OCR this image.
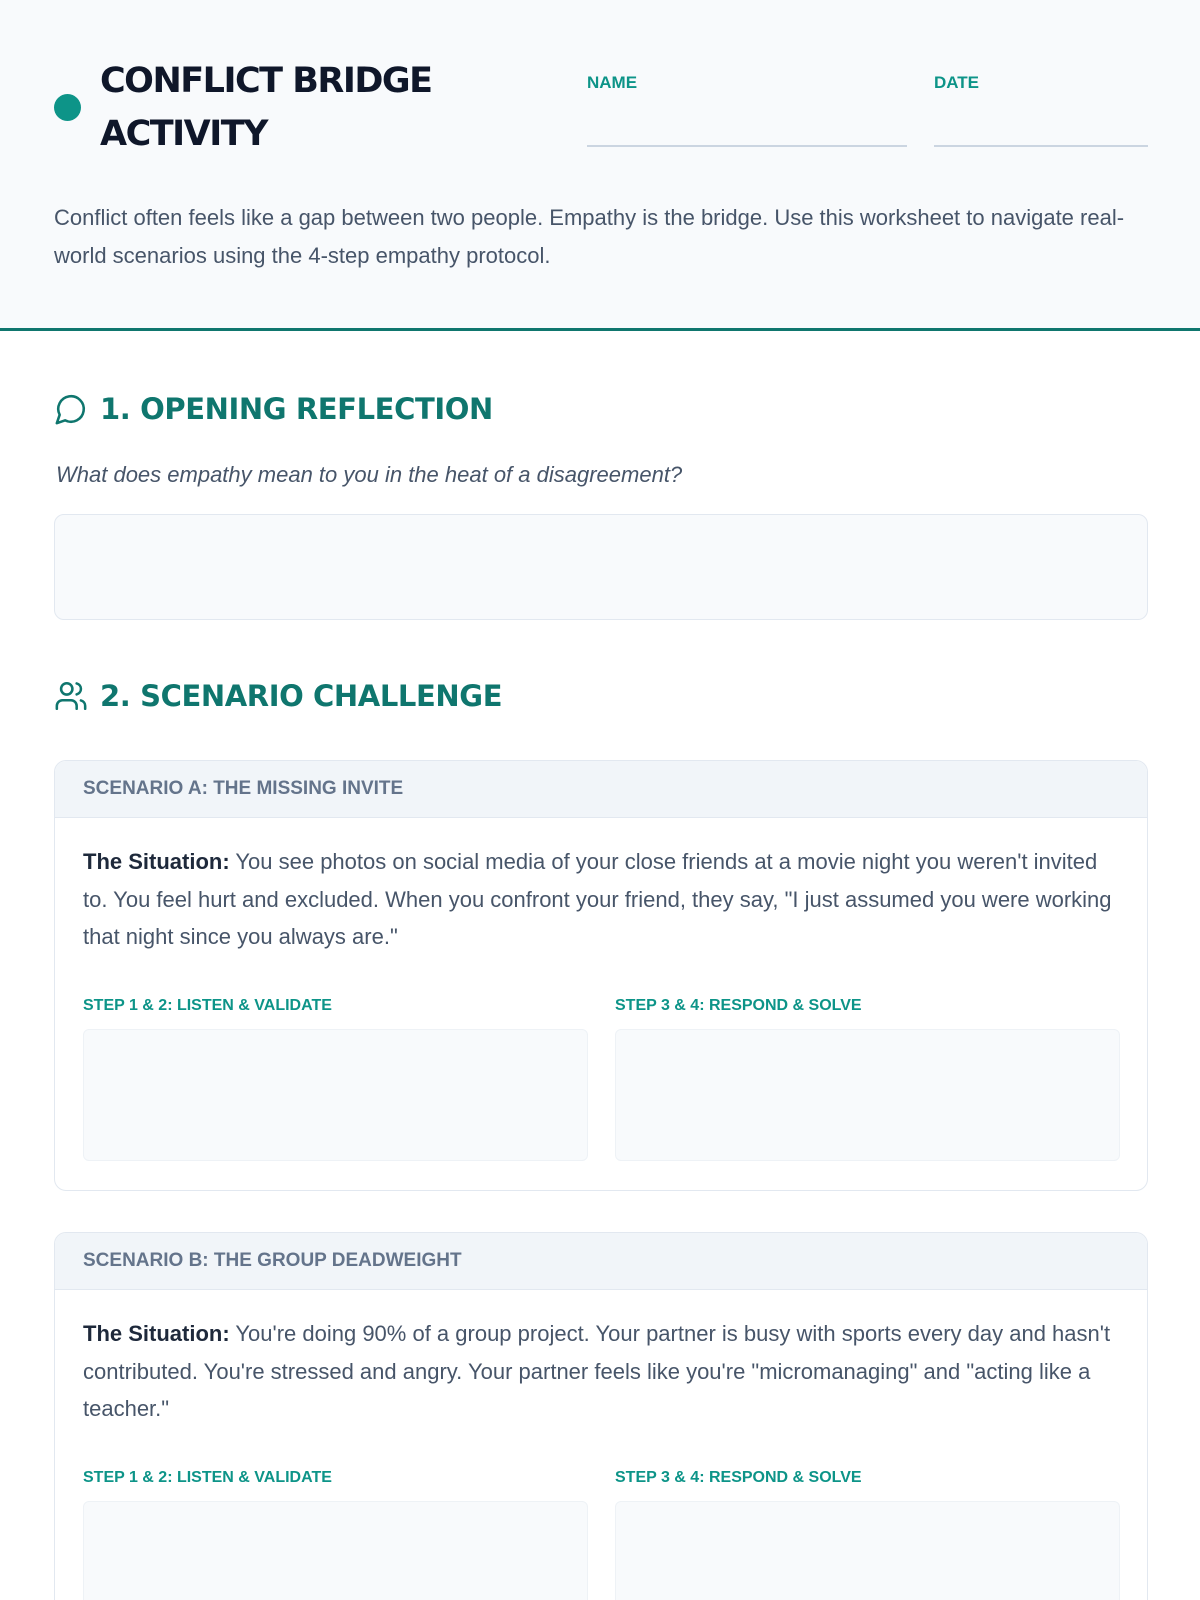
CONFLICT BRIDGE ACTIVITY
NAME	DATE
Conflict often feels like a gap between two people. Empathy is the bridge. Use this worksheet to navigate real-world scenarios using the 4-step empathy protocol.
1. OPENING REFLECTION
What does empathy mean to you in the heat of a disagreement?
2. SCENARIO CHALLENGE
SCENARIO A: THE MISSING INVITE
The Situation: You see photos on social media of your close friends at a movie night you weren't invited to. You feel hurt and excluded. When you confront your friend, they say, "I just assumed you were working that night since you always are."
STEP 1 & 2: LISTEN & VALIDATE	STEP 3 & 4: RESPOND & SOLVE
SCENARIO B: THE GROUP DEADWEIGHT
The Situation: You're doing 90% of a group project. Your partner is busy with sports every day and hasn't contributed. You're stressed and angry. Your partner feels like you're "micromanaging" and "acting like a teacher."
STEP 1 & 2: LISTEN & VALIDATE	STEP 3 & 4: RESPOND & SOLVE
